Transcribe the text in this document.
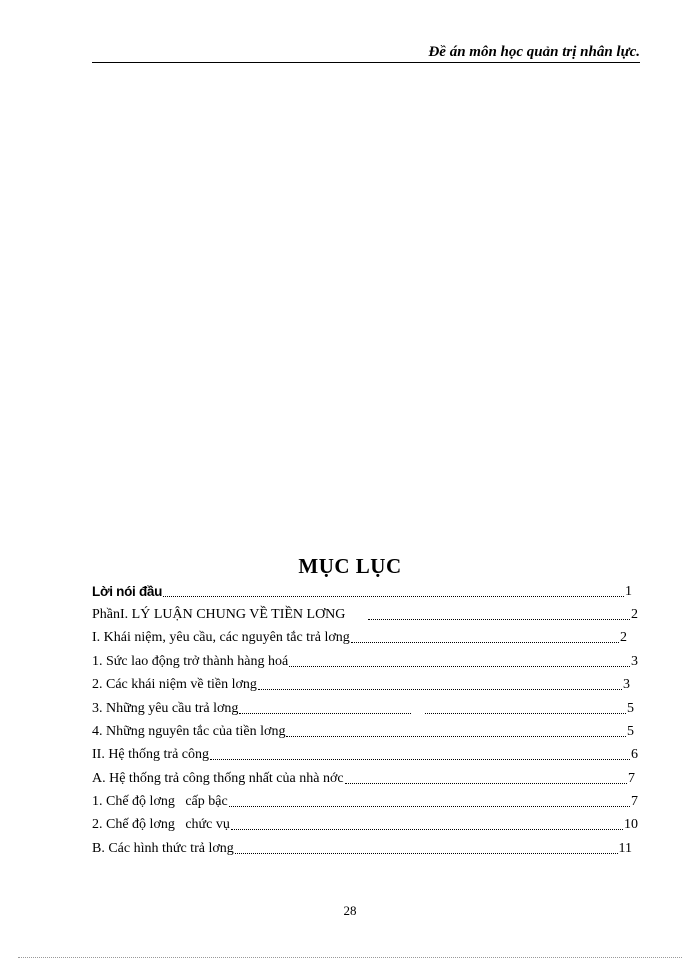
Đề án môn học quản trị nhân lực.
MỤC LỤC
Lời nói đầu	1
PhầnI. LÝ LUẬN CHUNG VỀ TIỀN LƠNG	2
I. Khái niệm, yêu cầu, các nguyên tắc trả lơng	2
1. Sức lao động trở thành hàng hoá	3
2. Các khái niệm về tiền lơng	3
3. Những yêu cầu trả lơng	5
4. Những nguyên tắc của tiền lơng	5
II. Hệ thống trả công	6
A. Hệ thống trả công thống nhất của nhà nớc	7
1. Chế độ lơng   cấp bậc	7
2. Chế độ lơng   chức vụ	10
B. Các hình thức trả lơng	11
28
